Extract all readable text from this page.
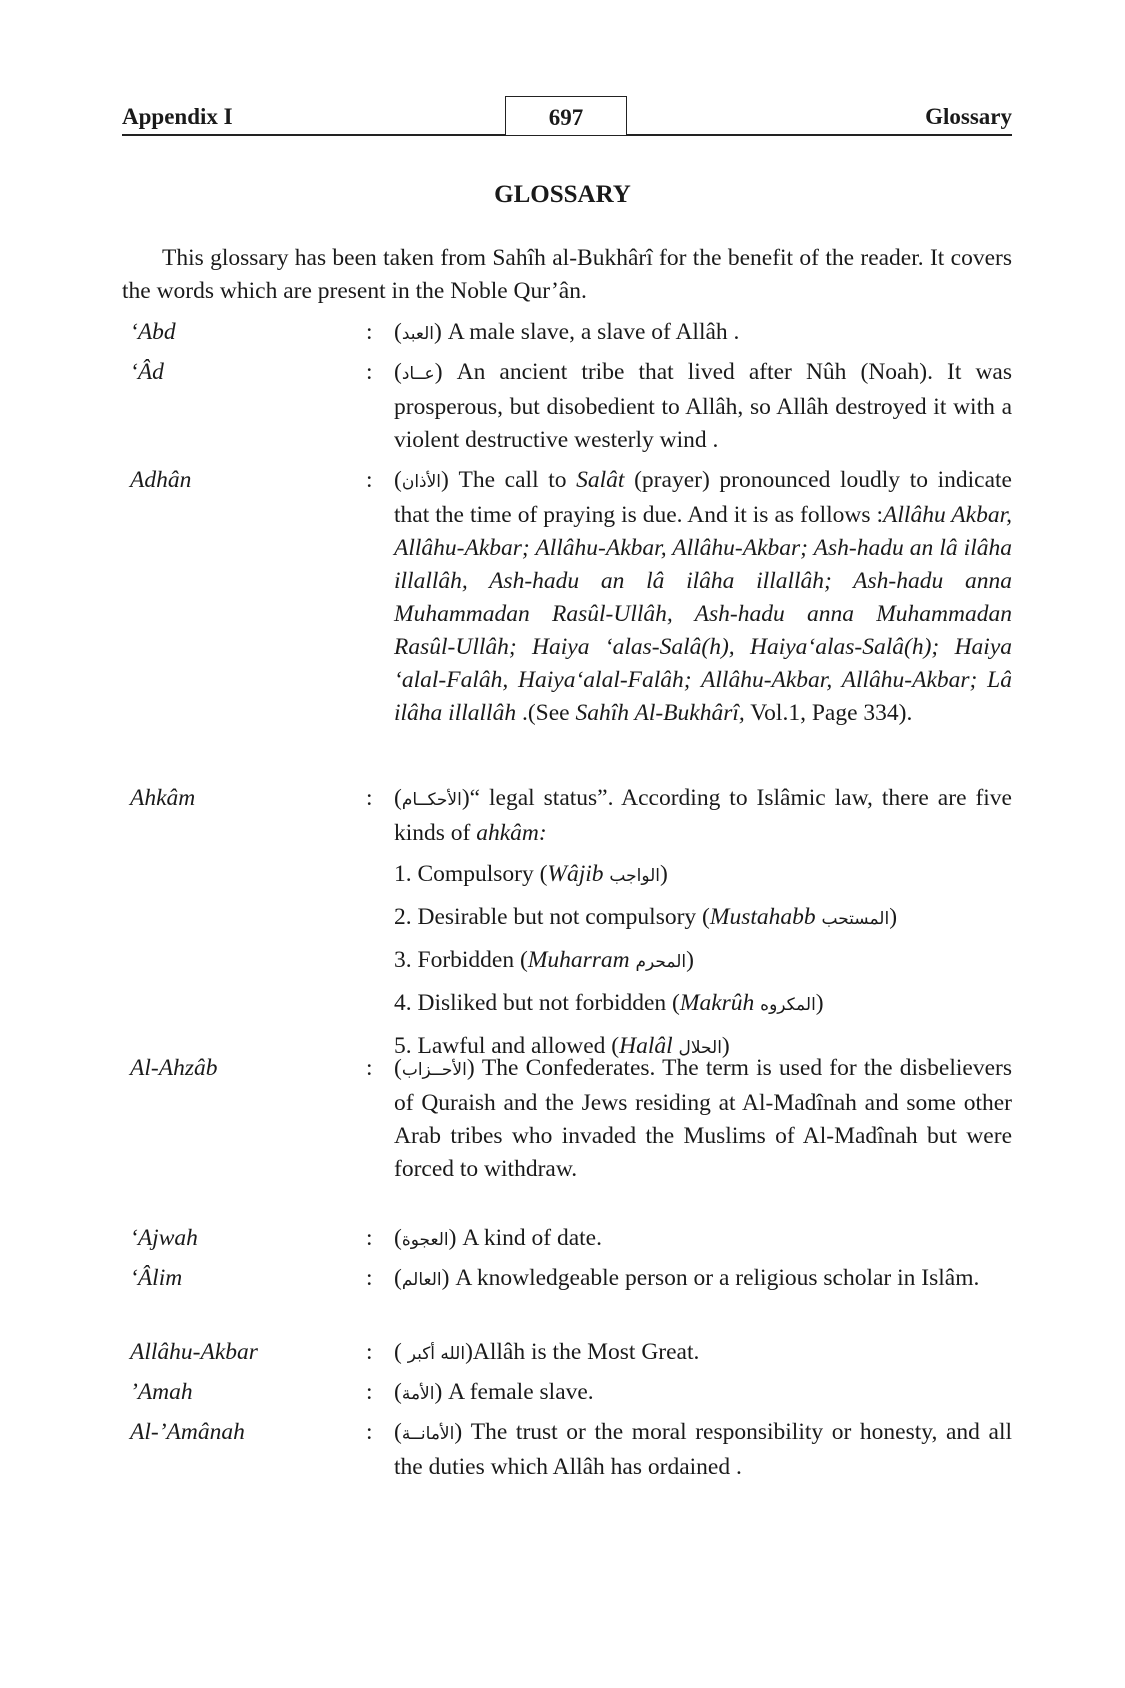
Appendix I	697	Glossary
GLOSSARY

This glossary has been taken from Sahîh al-Bukhârî for the benefit of the reader. It covers the words which are present in the Noble Qur’ân.

‘Abd	: (العبد) A male slave, a slave of Allâh .
‘Âd	: (عــاد) An ancient tribe that lived after Nûh (Noah). It was prosperous, but disobedient to Allâh, so Allâh destroyed it with a violent destructive westerly wind .
Adhân	: (الأذان) The call to Salât (prayer) pronounced loudly to indicate that the time of praying is due. And it is as follows :Allâhu Akbar, Allâhu-Akbar; Allâhu-Akbar, Allâhu-Akbar; Ash-hadu an lâ ilâha illallâh, Ash-hadu an lâ ilâha illallâh; Ash-hadu anna Muhammadan Rasûl-Ullâh, Ash-hadu anna Muhammadan Rasûl-Ullâh; Haiya ‘alas-Salâ(h), Haiya‘alas-Salâ(h); Haiya ‘alal-Falâh, Haiya‘alal-Falâh; Allâhu-Akbar, Allâhu-Akbar; Lâ ilâha illallâh .(See Sahîh Al-Bukhârî, Vol.1, Page 334).
Ahkâm	: (الأحكــام)“ legal status”. According to Islâmic law, there are five kinds of ahkâm:
1. Compulsory (Wâjib الواجب)
2. Desirable but not compulsory (Mustahabb المستحب)
3. Forbidden (Muharram المحرم)
4. Disliked but not forbidden (Makrûh المكروه)
5. Lawful and allowed (Halâl الحلال)
Al-Ahzâb	: (الأحــزاب) The Confederates. The term is used for the disbelievers of Quraish and the Jews residing at Al-Madînah and some other Arab tribes who invaded the Muslims of Al-Madînah but were forced to withdraw.
‘Ajwah	: (العجوة) A kind of date.
‘Âlim	: (العالم) A knowledgeable person or a religious scholar in Islâm.
Allâhu-Akbar	: ( الله أكبر)Allâh is the Most Great.
’Amah	: (الأمة) A female slave.
Al-’Amânah	: (الأمانــة) The trust or the moral responsibility or honesty, and all the duties which Allâh has ordained .
